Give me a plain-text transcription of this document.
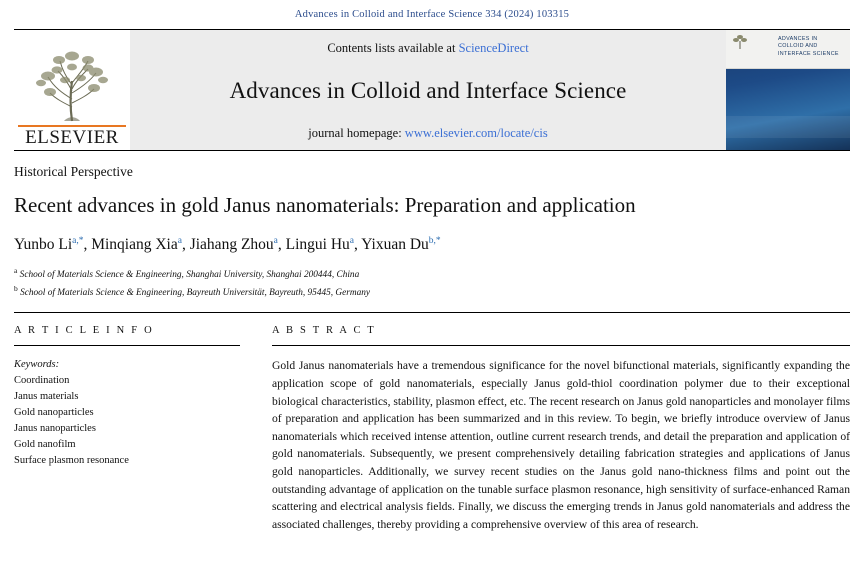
Advances in Colloid and Interface Science 334 (2024) 103315
ELSEVIER
Contents lists available at ScienceDirect
Advances in Colloid and Interface Science
journal homepage: www.elsevier.com/locate/cis
ADVANCES IN COLLOID AND INTERFACE SCIENCE
Historical Perspective
Recent advances in gold Janus nanomaterials: Preparation and application
Yunbo Li$^{a,*}$, Minqiang Xia$^a$, Jiahang Zhou$^a$, Lingui Hu$^a$, Yixuan Du$^{b,*}$
$^a$ School of Materials Science & Engineering, Shanghai University, Shanghai 200444, China
$^b$ School of Materials Science & Engineering, Bayreuth Universität, Bayreuth, 95445, Germany
A R T I C L E I N F O
Keywords:
Coordination
Janus materials
Gold nanoparticles
Janus nanoparticles
Gold nanofilm
Surface plasmon resonance
A B S T R A C T
Gold Janus nanomaterials have a tremendous significance for the novel bifunctional materials, significantly expanding the application scope of gold nanomaterials, especially Janus gold-thiol coordination polymer due to their exceptional biological characteristics, stability, plasmon effect, etc. The recent research on Janus gold nanoparticles and monolayer films of preparation and application has been summarized and in this review. To begin, we briefly introduce overview of Janus nanomaterials which received intense attention, outline current research trends, and detail the preparation and application of gold nanomaterials. Subsequently, we present comprehensively detailing fabrication strategies and applications of Janus gold nanoparticles. Additionally, we survey recent studies on the Janus gold nano-thickness films and point out the outstanding advantage of application on the tunable surface plasmon resonance, high sensitivity of surface-enhanced Raman scattering and electrical analysis fields. Finally, we discuss the emerging trends in Janus gold nanomaterials and address the associated challenges, thereby providing a comprehensive overview of this area of research.
